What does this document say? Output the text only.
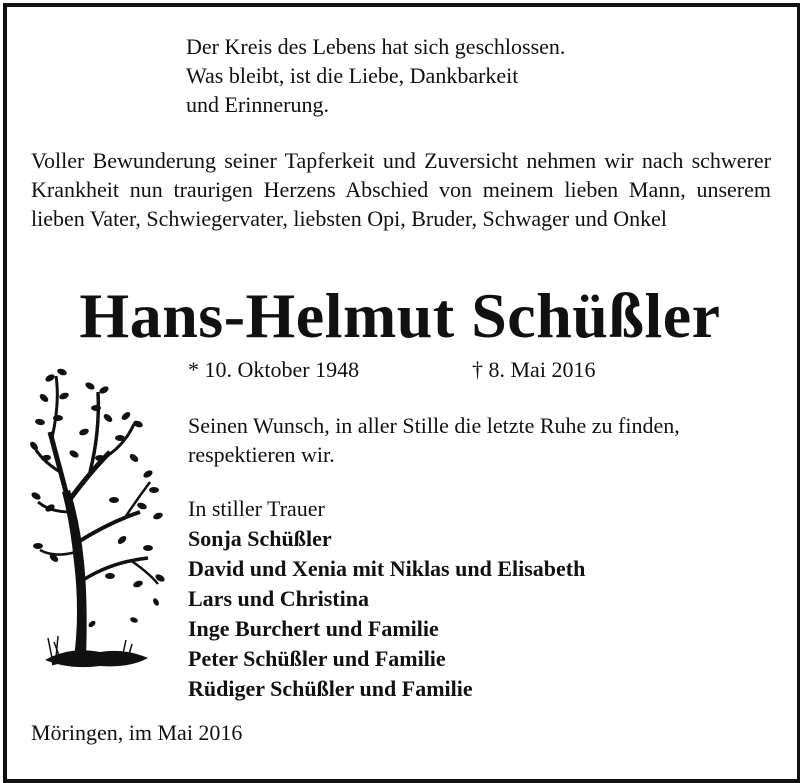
Der Kreis des Lebens hat sich geschlossen.
Was bleibt, ist die Liebe, Dankbarkeit
und Erinnerung.
Voller Bewunderung seiner Tapferkeit und Zuversicht nehmen wir nach schwerer Krankheit nun traurigen Herzens Abschied von meinem lieben Mann, unserem lieben Vater, Schwiegervater, liebsten Opi, Bruder, Schwager und Onkel
Hans-Helmut Schüßler
* 10. Oktober 1948	† 8. Mai 2016
Seinen Wunsch, in aller Stille die letzte Ruhe zu finden, respektieren wir.
In stiller Trauer
Sonja Schüßler
David und Xenia mit Niklas und Elisabeth
Lars und Christina
Inge Burchert und Familie
Peter Schüßler und Familie
Rüdiger Schüßler und Familie
Möringen, im Mai 2016
